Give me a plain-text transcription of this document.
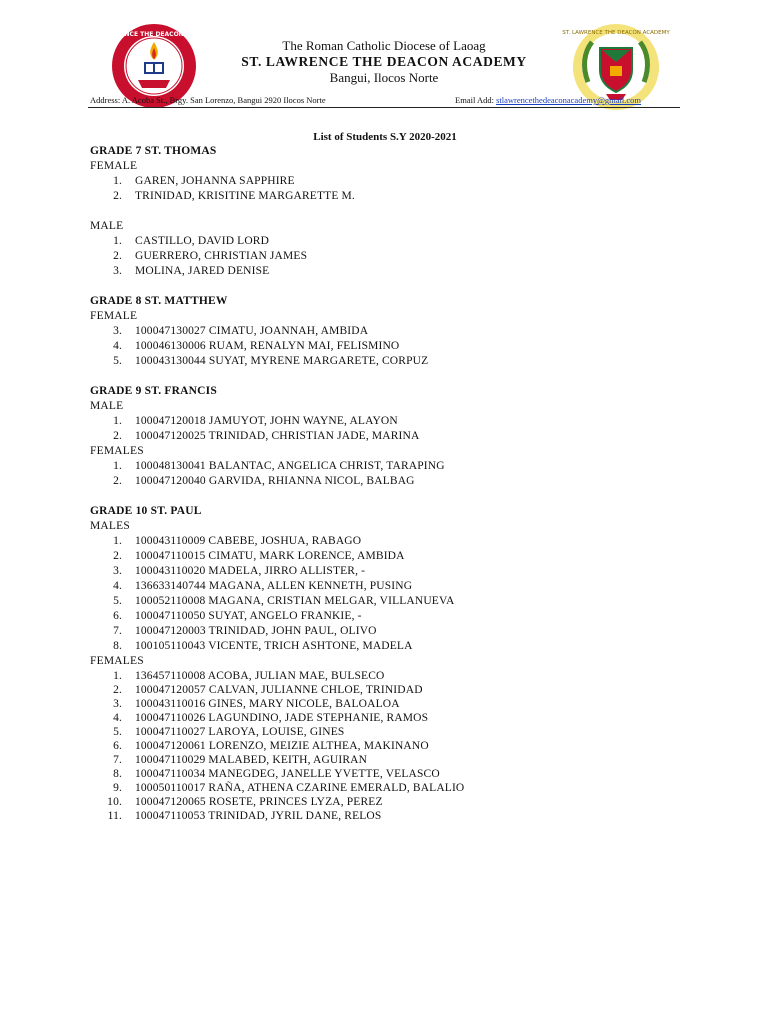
ST. LAWRENCE THE DEACON ACADEMY
The Roman Catholic Diocese of Laoag
ST. LAWRENCE THE DEACON ACADEMY
Bangui, Ilocos Norte
ST. LAWRENCE THE DEACON ACADEMY
Address: A. Acoba St., Brgy. San Lorenzo, Bangui 2920 Ilocos Norte	Email Add: stlawrencethedeaconacademy@gmail.com
List of Students S.Y 2020-2021
GRADE 7 ST. THOMAS
FEMALE
1. GAREN, JOHANNA SAPPHIRE
2. TRINIDAD, KRISITINE MARGARETTE M.
MALE
1. CASTILLO, DAVID LORD
2. GUERRERO, CHRISTIAN JAMES
3. MOLINA, JARED DENISE
GRADE 8 ST. MATTHEW
FEMALE
3. 100047130027 CIMATU, JOANNAH, AMBIDA
4. 100046130006 RUAM, RENALYN MAI, FELISMINO
5. 100043130044 SUYAT, MYRENE MARGARETE, CORPUZ
GRADE 9 ST. FRANCIS
MALE
1. 100047120018 JAMUYOT, JOHN WAYNE, ALAYON
2. 100047120025 TRINIDAD, CHRISTIAN JADE, MARINA
FEMALES
1. 100048130041 BALANTAC, ANGELICA CHRIST, TARAPING
2. 100047120040 GARVIDA, RHIANNA NICOL, BALBAG
GRADE 10 ST. PAUL
MALES
1. 100043110009 CABEBE, JOSHUA, RABAGO
2. 100047110015 CIMATU, MARK LORENCE, AMBIDA
3. 100043110020 MADELA, JIRRO ALLISTER, -
4. 136633140744 MAGANA, ALLEN KENNETH, PUSING
5. 100052110008 MAGANA, CRISTIAN MELGAR, VILLANUEVA
6. 100047110050 SUYAT, ANGELO FRANKIE, -
7. 100047120003 TRINIDAD, JOHN PAUL, OLIVO
8. 100105110043 VICENTE, TRICH ASHTONE, MADELA
FEMALES
1. 136457110008 ACOBA, JULIAN MAE, BULSECO
2. 100047120057 CALVAN, JULIANNE CHLOE, TRINIDAD
3. 100043110016 GINES, MARY NICOLE, BALOALOA
4. 100047110026 LAGUNDINO, JADE STEPHANIE, RAMOS
5. 100047110027 LAROYA, LOUISE, GINES
6. 100047120061 LORENZO, MEIZIE ALTHEA, MAKINANO
7. 100047110029 MALABED, KEITH, AGUIRAN
8. 100047110034 MANEGDEG, JANELLE YVETTE, VELASCO
9. 100050110017 RAÑA, ATHENA CZARINE EMERALD, BALALIO
10. 100047120065 ROSETE, PRINCES LYZA, PEREZ
11. 100047110053 TRINIDAD, JYRIL DANE, RELOS
